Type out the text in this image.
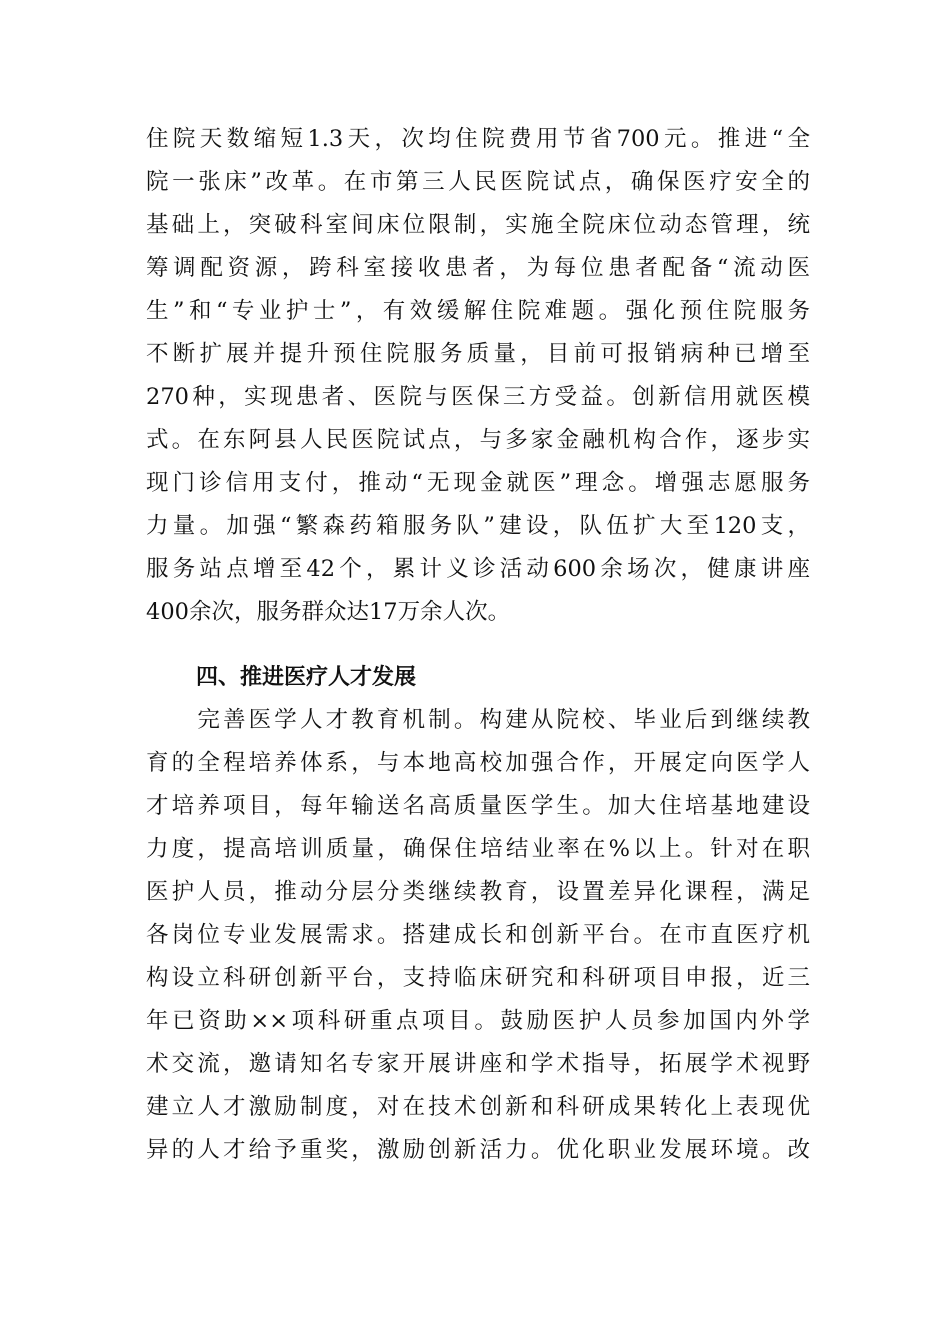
住院天数缩短1.3天，次均住院费用节省700元。推进“全
院一张床”改革。在市第三人民医院试点，确保医疗安全的
基础上，突破科室间床位限制，实施全院床位动态管理，统
筹调配资源，跨科室接收患者，为每位患者配备“流动医
生”和“专业护士”，有效缓解住院难题。强化预住院服务
不断扩展并提升预住院服务质量，目前可报销病种已增至
270种，实现患者、医院与医保三方受益。创新信用就医模
式。在东阿县人民医院试点，与多家金融机构合作，逐步实
现门诊信用支付，推动“无现金就医”理念。增强志愿服务
力量。加强“繁森药箱服务队”建设，队伍扩大至120支，
服务站点增至42个，累计义诊活动600余场次，健康讲座
400余次，服务群众达17万余人次。
四、推进医疗人才发展
　　完善医学人才教育机制。构建从院校、毕业后到继续教
育的全程培养体系，与本地高校加强合作，开展定向医学人
才培养项目，每年输送名高质量医学生。加大住培基地建设
力度，提高培训质量，确保住培结业率在%以上。针对在职
医护人员，推动分层分类继续教育，设置差异化课程，满足
各岗位专业发展需求。搭建成长和创新平台。在市直医疗机
构设立科研创新平台，支持临床研究和科研项目申报，近三
年已资助××项科研重点项目。鼓励医护人员参加国内外学
术交流，邀请知名专家开展讲座和学术指导，拓展学术视野
建立人才激励制度，对在技术创新和科研成果转化上表现优
异的人才给予重奖，激励创新活力。优化职业发展环境。改
